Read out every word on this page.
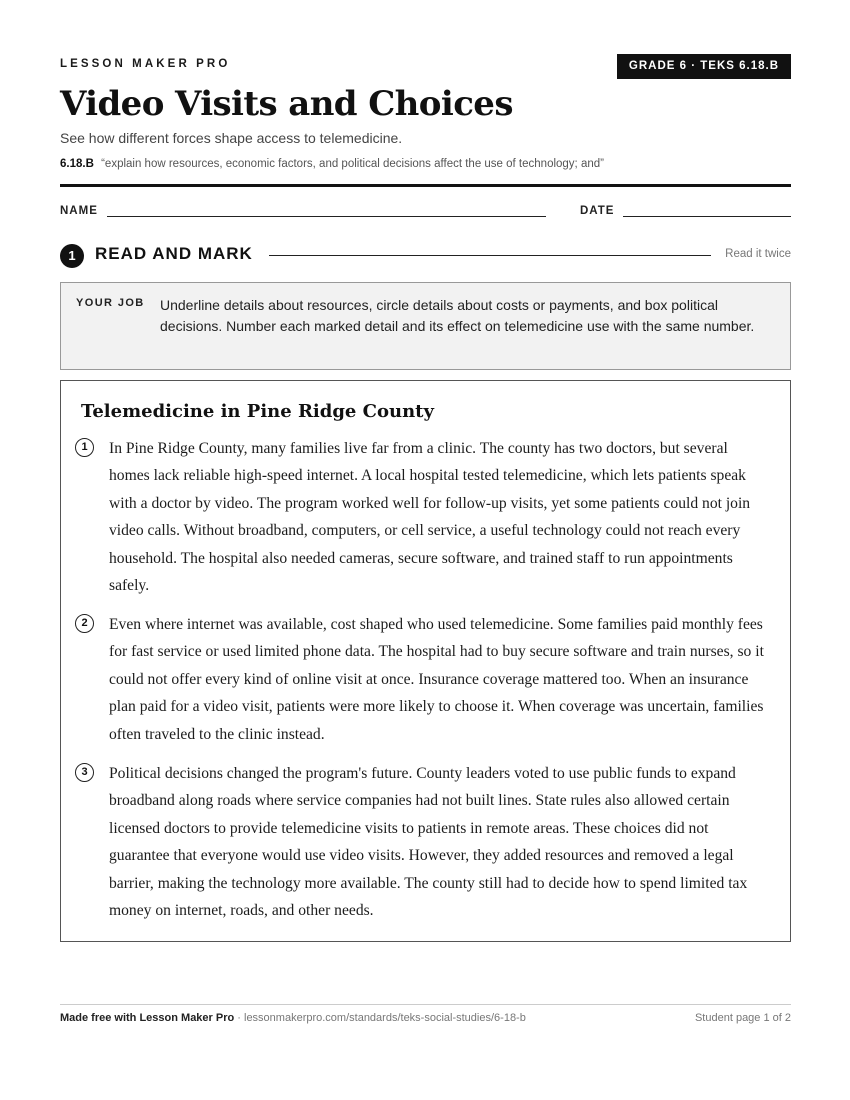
LESSON MAKER PRO	GRADE 6 · TEKS 6.18.B
Video Visits and Choices
See how different forces shape access to telemedicine.
6.18.B “explain how resources, economic factors, and political decisions affect the use of technology; and”
NAME	DATE
1	READ AND MARK	Read it twice
YOUR JOB Underline details about resources, circle details about costs or payments, and box political decisions. Number each marked detail and its effect on telemedicine use with the same number.
Telemedicine in Pine Ridge County
1	In Pine Ridge County, many families live far from a clinic. The county has two doctors, but several homes lack reliable high-speed internet. A local hospital tested telemedicine, which lets patients speak with a doctor by video. The program worked well for follow-up visits, yet some patients could not join video calls. Without broadband, computers, or cell service, a useful technology could not reach every household. The hospital also needed cameras, secure software, and trained staff to run appointments safely.
2	Even where internet was available, cost shaped who used telemedicine. Some families paid monthly fees for fast service or used limited phone data. The hospital had to buy secure software and train nurses, so it could not offer every kind of online visit at once. Insurance coverage mattered too. When an insurance plan paid for a video visit, patients were more likely to choose it. When coverage was uncertain, families often traveled to the clinic instead.
3	Political decisions changed the program's future. County leaders voted to use public funds to expand broadband along roads where service companies had not built lines. State rules also allowed certain licensed doctors to provide telemedicine visits to patients in remote areas. These choices did not guarantee that everyone would use video visits. However, they added resources and removed a legal barrier, making the technology more available. The county still had to decide how to spend limited tax money on internet, roads, and other needs.
Made free with Lesson Maker Pro · lessonmakerpro.com/standards/teks-social-studies/6-18-b	Student page 1 of 2
